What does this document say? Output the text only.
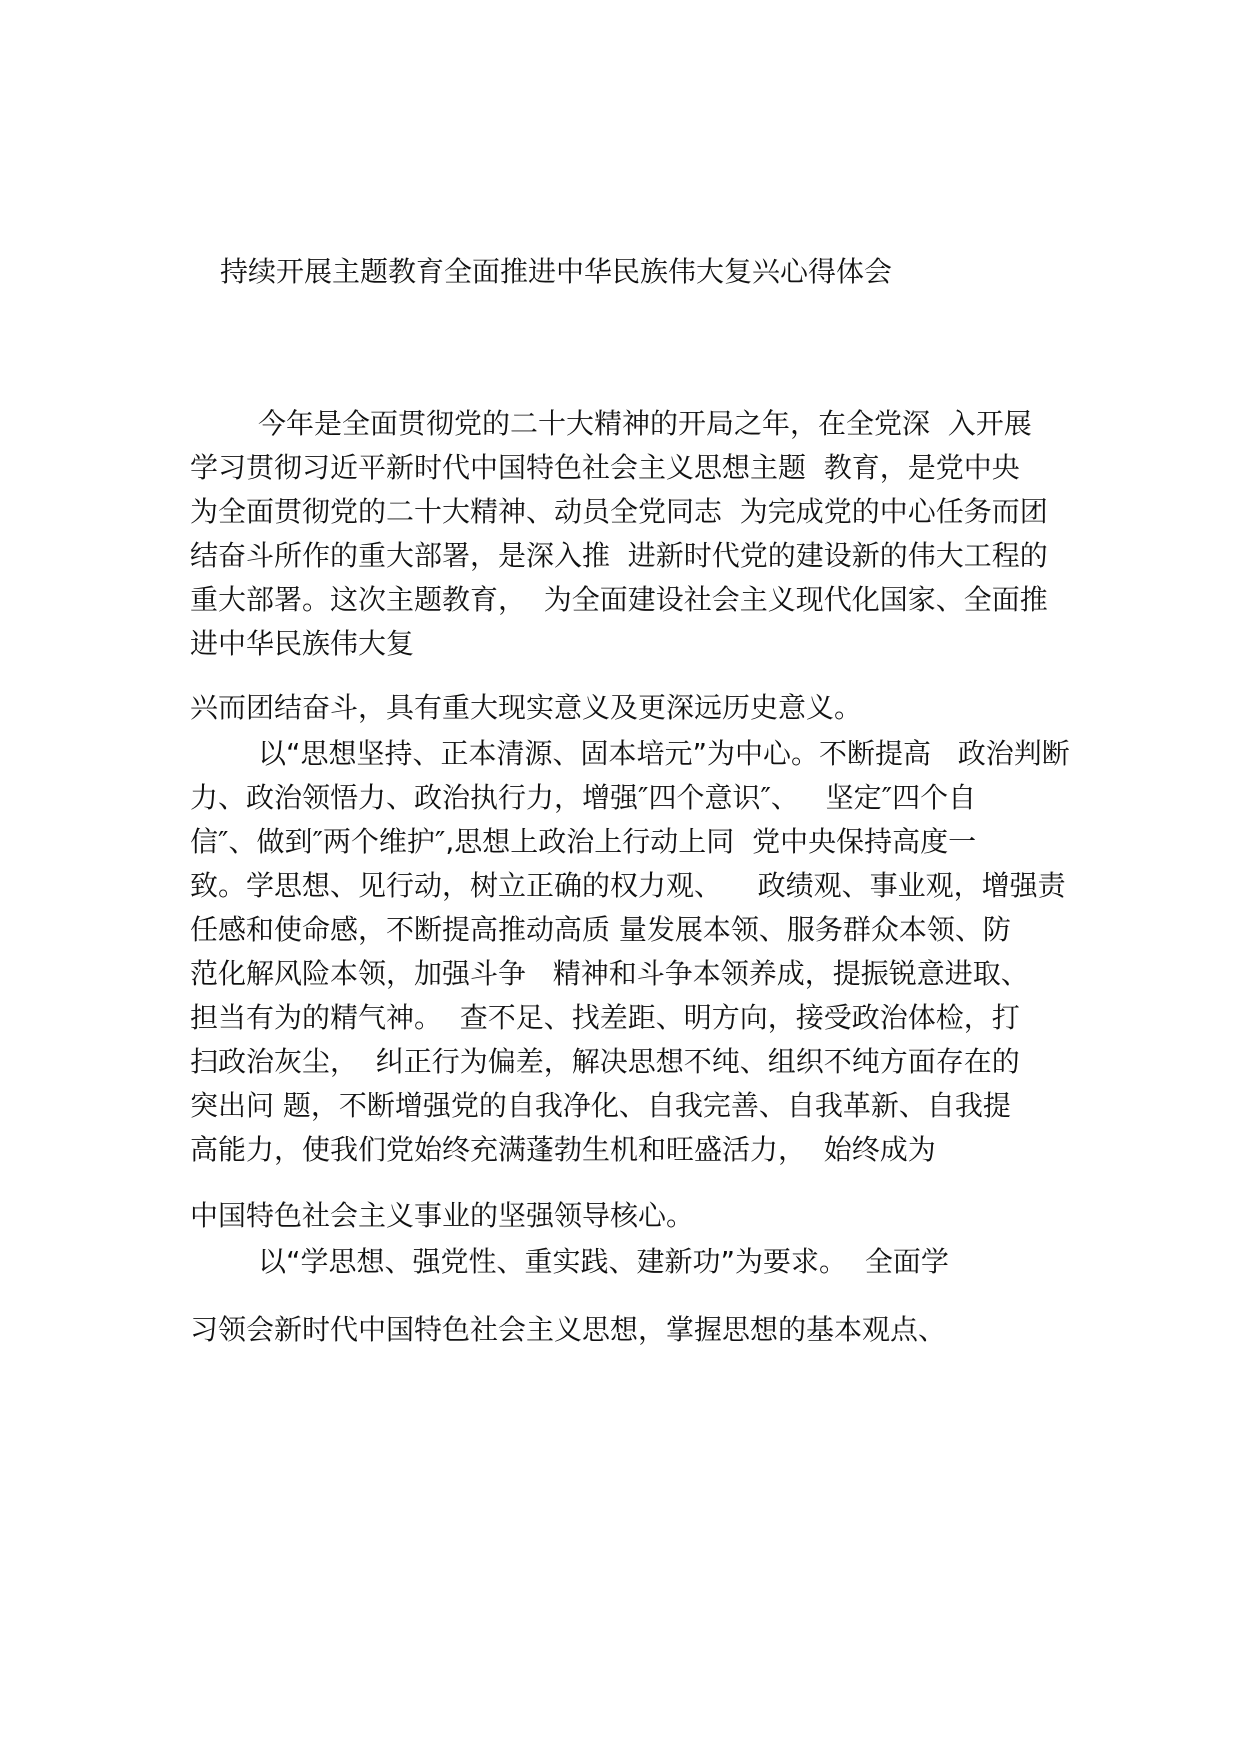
持续开展主题教育全面推进中华民族伟大复兴心得体会
今年是全面贯彻党的二十大精神的开局之年，在全党深  入开展
学习贯彻习近平新时代中国特色社会主义思想主题  教育，是党中央
为全面贯彻党的二十大精神、动员全党同志  为完成党的中心任务而团
结奋斗所作的重大部署，是深入推  进新时代党的建设新的伟大工程的
重大部署。这次主题教育，  为全面建设社会主义现代化国家、全面推
进中华民族伟大复
兴而团结奋斗，具有重大现实意义及更深远历史意义。
以“思想坚持、正本清源、固本培元”为中心。不断提高   政治判断
力、政治领悟力、政治执行力，增强″四个意识″、   坚定″四个自
信″、做到″两个维护″,思想上政治上行动上同  党中央保持高度一
致。学思想、见行动，树立正确的权力观、    政绩观、事业观，增强责
任感和使命感，不断提高推动高质 量发展本领、服务群众本领、防
范化解风险本领，加强斗争   精神和斗争本领养成，提振锐意进取、
担当有为的精气神。  查不足、找差距、明方向，接受政治体检，打
扫政治灰尘，  纠正行为偏差，解决思想不纯、组织不纯方面存在的
突出问 题，不断增强党的自我净化、自我完善、自我革新、自我提
高能力，使我们党始终充满蓬勃生机和旺盛活力，  始终成为
中国特色社会主义事业的坚强领导核心。
以“学思想、强党性、重实践、建新功”为要求。  全面学
习领会新时代中国特色社会主义思想，掌握思想的基本观点、
